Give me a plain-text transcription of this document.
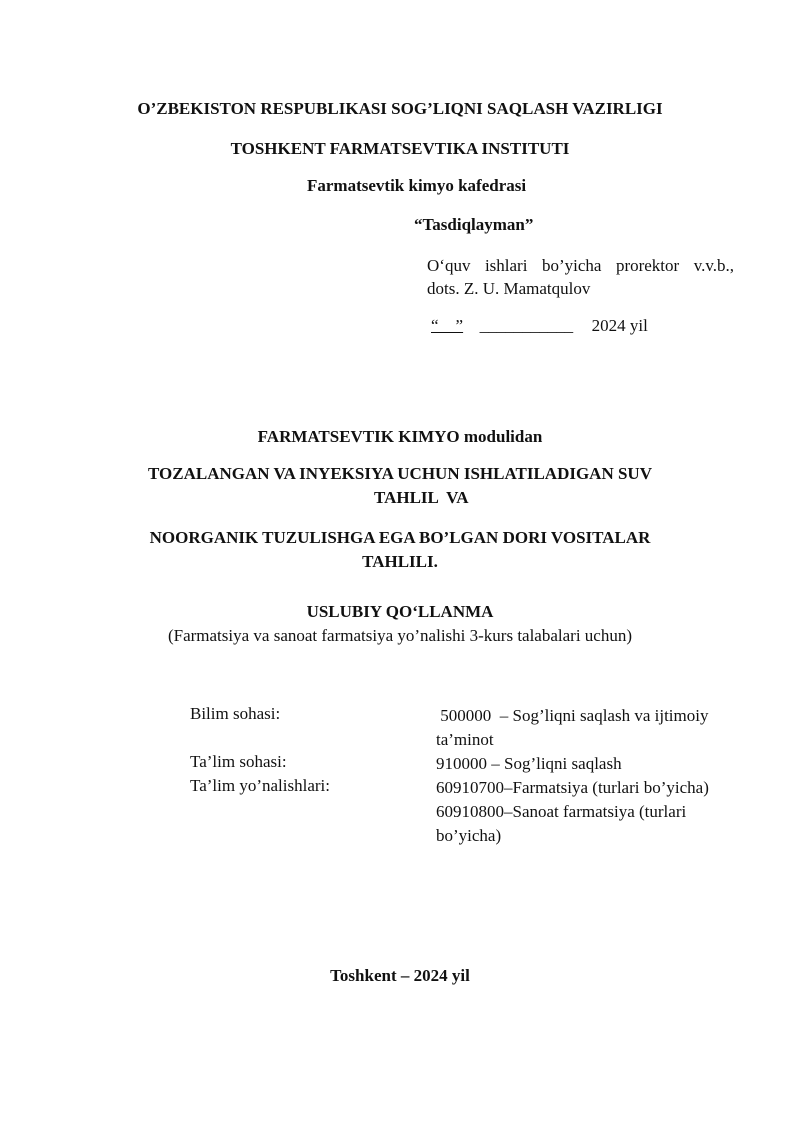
O’ZBEKISTON RESPUBLIKASI SOG’LIQNI SAQLASH VAZIRLIGI
TOSHKENT FARMATSEVTIKA INSTITUTI
Farmatsevtik kimyo kafedrasi
“Tasdiqlayman”
O‘quv ishlari bo’yicha prorektor v.v.b.,
dots. Z. U. Mamatqulov
“    ” ___________ 2024 yil
FARMATSEVTIK KIMYO modulidan
TOZALANGAN VA INYEKSIYA UCHUN ISHLATILADIGAN SUV
TAHLIL  VA
NOORGANIK TUZULISHGA EGA BO’LGAN DORI VOSITALAR
TAHLILI.
USLUBIY QO‘LLANMA
(Farmatsiya va sanoat farmatsiya yo’nalishi 3-kurs talabalari uchun)
Bilim sohasi:	500000  – Sog’liqni saqlash va ijtimoiy
ta’minot
Ta’lim sohasi:	910000 – Sog’liqni saqlash
Ta’lim yo’nalishlari:	60910700–Farmatsiya (turlari bo’yicha)
60910800–Sanoat farmatsiya (turlari
bo’yicha)
Toshkent – 2024 yil
